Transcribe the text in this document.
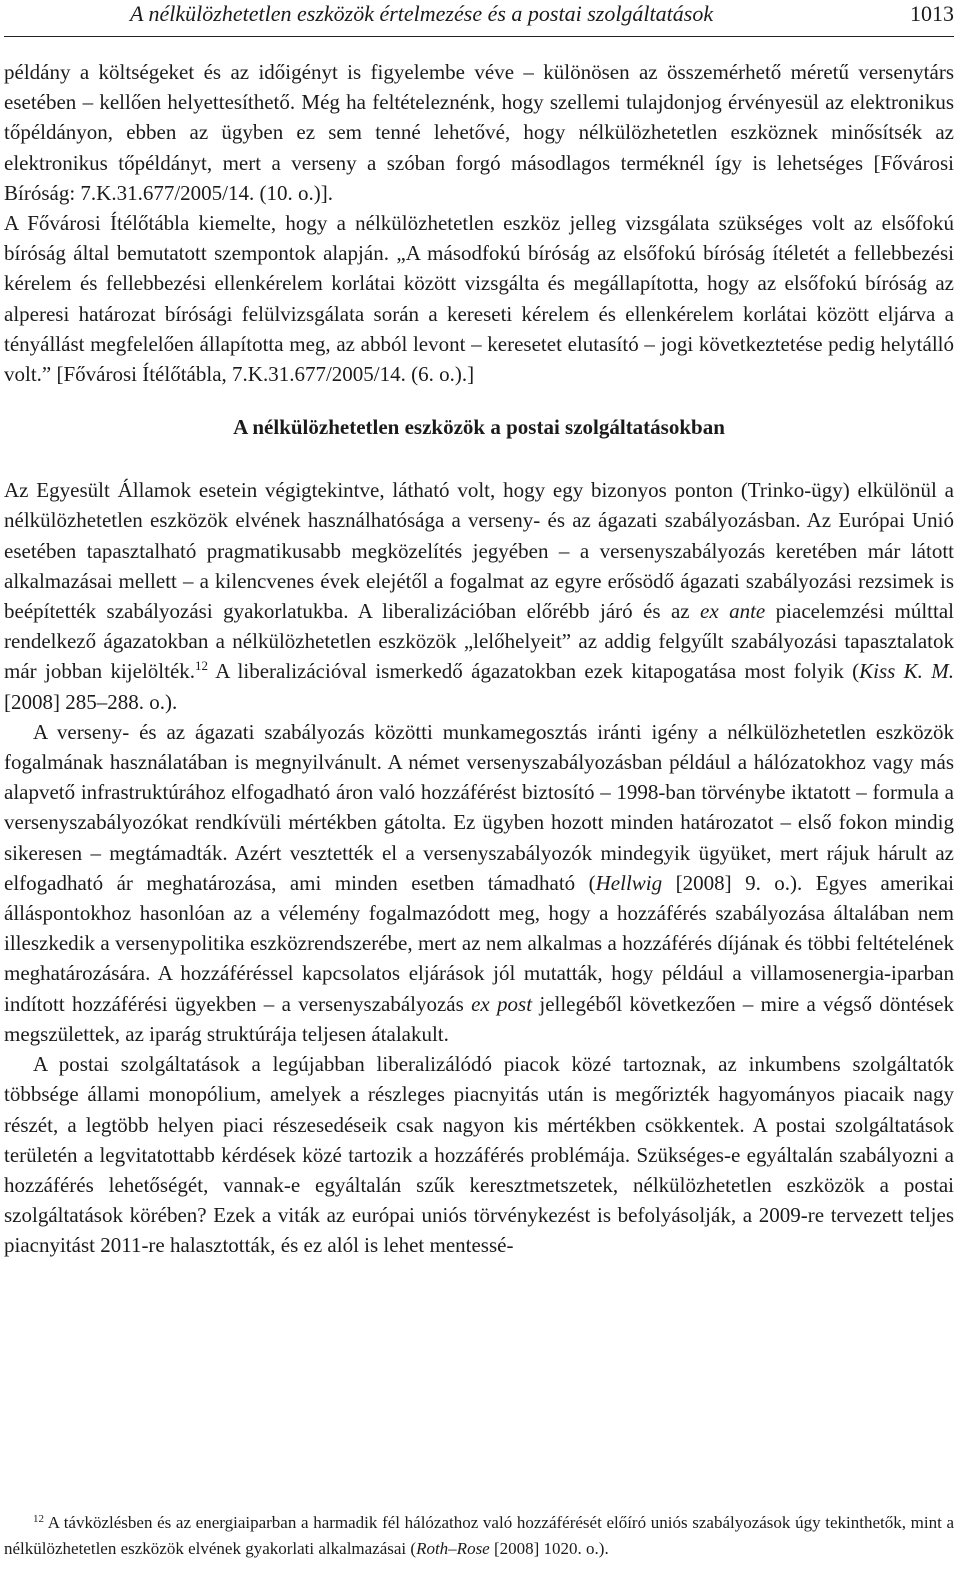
A nélkülözhetetlen eszközök értelmezése és a postai szolgáltatások	1013

példány a költségeket és az időigényt is figyelembe véve – különösen az összemérhető méretű versenytárs esetében – kellően helyettesíthető. Még ha feltételeznénk, hogy szellemi tulajdonjog érvényesül az elektronikus tőpéldányon, ebben az ügyben ez sem tenné lehetővé, hogy nélkülözhetetlen eszköznek minősítsék az elektronikus tőpéldányt, mert a verseny a szóban forgó másodlagos terméknél így is lehetséges [Fővárosi Bíróság: 7.K.31.677/2005/14. (10. o.)].

A Fővárosi Ítélőtábla kiemelte, hogy a nélkülözhetetlen eszköz jelleg vizsgálata szükséges volt az elsőfokú bíróság által bemutatott szempontok alapján. „A másodfokú bíróság az elsőfokú bíróság ítéletét a fellebbezési kérelem és fellebbezési ellenkérelem korlátai között vizsgálta és megállapította, hogy az elsőfokú bíróság az alperesi határozat bírósági felülvizsgálata során a kereseti kérelem és ellenkérelem korlátai között eljárva a tényállást megfelelően állapította meg, az abból levont – keresetet elutasító – jogi következtetése pedig helytálló volt.” [Fővárosi Ítélőtábla, 7.K.31.677/2005/14. (6. o.).]

A nélkülözhetetlen eszközök a postai szolgáltatásokban

Az Egyesült Államok esetein végigtekintve, látható volt, hogy egy bizonyos ponton (Trinko-ügy) elkülönül a nélkülözhetetlen eszközök elvének használhatósága a verseny- és az ágazati szabályozásban. Az Európai Unió esetében tapasztalható pragmatikusabb megközelítés jegyében – a versenyszabályozás keretében már látott alkalmazásai mellett – a kilencvenes évek elejétől a fogalmat az egyre erősödő ágazati szabályozási rezsimek is beépítették szabályozási gyakorlatukba. A liberalizációban előrébb járó és az ex ante piacelemzési múlttal rendelkező ágazatokban a nélkülözhetetlen eszközök „lelőhelyeit” az addig felgyűlt szabályozási tapasztalatok már jobban kijelölték.$^{12}$ A liberalizációval ismerkedő ágazatokban ezek kitapogatása most folyik (Kiss K. M. [2008] 285–288. o.).

A verseny- és az ágazati szabályozás közötti munkamegosztás iránti igény a nélkülözhetetlen eszközök fogalmának használatában is megnyilvánult. A német versenyszabályozásban például a hálózatokhoz vagy más alapvető infrastruktúrához elfogadható áron való hozzáférést biztosító – 1998-ban törvénybe iktatott – formula a versenyszabályozókat rendkívüli mértékben gátolta. Ez ügyben hozott minden határozatot – első fokon mindig sikeresen – megtámadták. Azért vesztették el a versenyszabályozók mindegyik ügyüket, mert rájuk hárult az elfogadható ár meghatározása, ami minden esetben támadható (Hellwig [2008] 9. o.). Egyes amerikai álláspontokhoz hasonlóan az a vélemény fogalmazódott meg, hogy a hozzáférés szabályozása általában nem illeszkedik a versenypolitika eszközrendszerébe, mert az nem alkalmas a hozzáférés díjának és többi feltételének meghatározására. A hozzáféréssel kapcsolatos eljárások jól mutatták, hogy például a villamosenergia-iparban indított hozzáférési ügyekben – a versenyszabályozás ex post jellegéből következően – mire a végső döntések megszülettek, az iparág struktúrája teljesen átalakult.

A postai szolgáltatások a legújabban liberalizálódó piacok közé tartoznak, az inkumbens szolgáltatók többsége állami monopólium, amelyek a részleges piacnyitás után is megőrizték hagyományos piacaik nagy részét, a legtöbb helyen piaci részesedéseik csak nagyon kis mértékben csökkentek. A postai szolgáltatások területén a legvitatottabb kérdések közé tartozik a hozzáférés problémája. Szükséges-e egyáltalán szabályozni a hozzáférés lehetőségét, vannak-e egyáltalán szűk keresztmetszetek, nélkülözhetetlen eszközök a postai szolgáltatások körében? Ezek a viták az európai uniós törvénykezést is befolyásolják, a 2009-re tervezett teljes piacnyitást 2011-re halasztották, és ez alól is lehet mentessé-

$^{12}$ A távközlésben és az energiaiparban a harmadik fél hálózathoz való hozzáférését előíró uniós szabályozások úgy tekinthetők, mint a nélkülözhetetlen eszközök elvének gyakorlati alkalmazásai (Roth–Rose [2008] 1020. o.).
